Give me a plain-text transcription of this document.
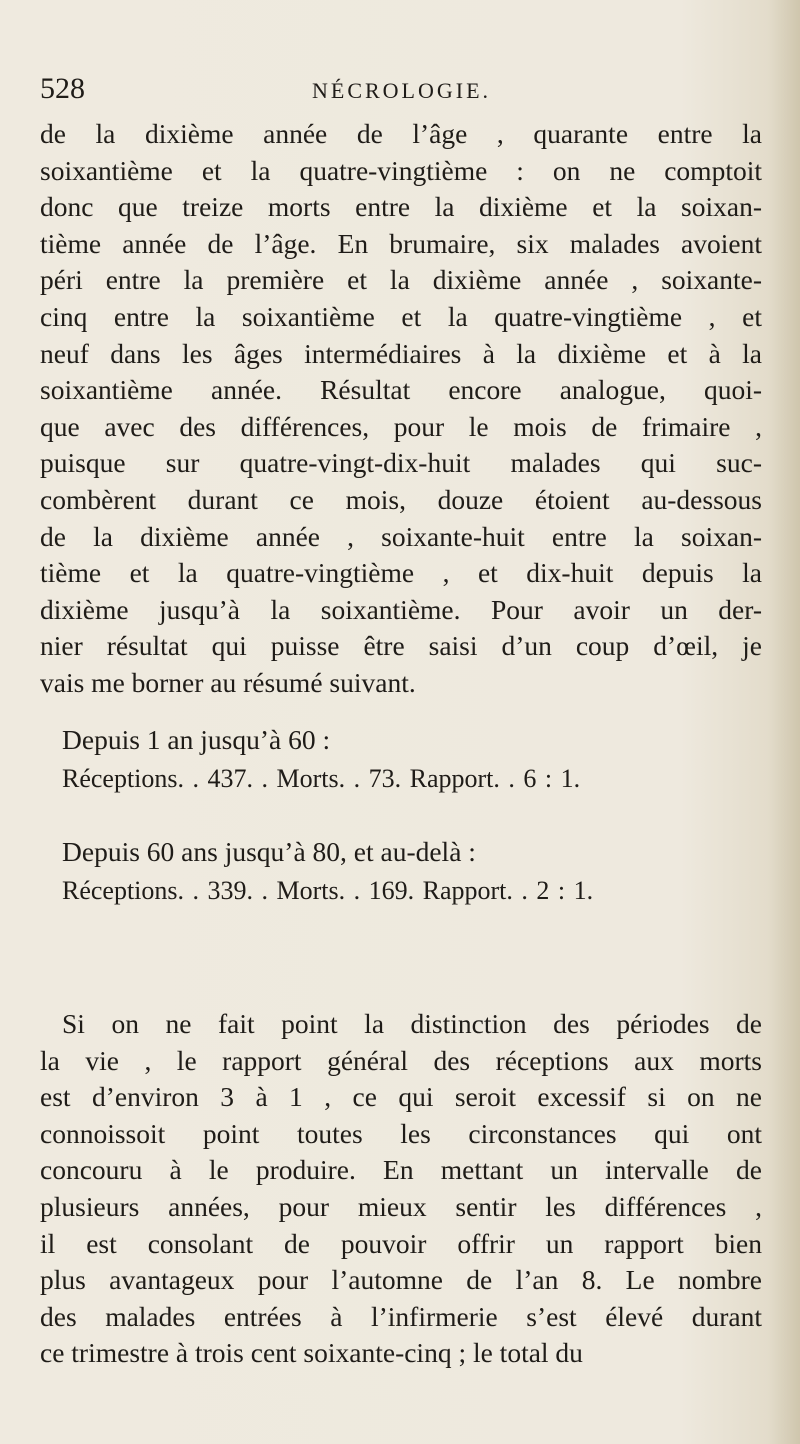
528	NÉCROLOGIE.
de la dixième année de l’âge , quarante entre la
soixantième et la quatre-vingtième : on ne comptoit
donc que treize morts entre la dixième et la soixan-
tième année de l’âge. En brumaire, six malades avoient
péri entre la première et la dixième année , soixante-
cinq entre la soixantième et la quatre-vingtième , et
neuf dans les âges intermédiaires à la dixième et à la
soixantième année. Résultat encore analogue, quoi-
que avec des différences, pour le mois de frimaire ,
puisque sur quatre-vingt-dix-huit malades qui suc-
combèrent durant ce mois, douze étoient au-dessous
de la dixième année , soixante-huit entre la soixan-
tième et la quatre-vingtième , et dix-huit depuis la
dixième jusqu’à la soixantième. Pour avoir un der-
nier résultat qui puisse être saisi d’un coup d’œil, je
vais me borner au résumé suivant.
Depuis 1 an jusqu’à 60 :
Réceptions. . 437. . Morts. . 73. Rapport. . 6 : 1.
Depuis 60 ans jusqu’à 80, et au-delà :
Réceptions. . 339. . Morts. . 169. Rapport. . 2 : 1.
Si on ne fait point la distinction des périodes de
la vie , le rapport général des réceptions aux morts
est d’environ 3 à 1 , ce qui seroit excessif si on ne
connoissoit point toutes les circonstances qui ont
concouru à le produire. En mettant un intervalle de
plusieurs années, pour mieux sentir les différences ,
il est consolant de pouvoir offrir un rapport bien
plus avantageux pour l’automne de l’an 8. Le nombre
des malades entrées à l’infirmerie s’est élevé durant
ce trimestre à trois cent soixante-cinq ; le total du
